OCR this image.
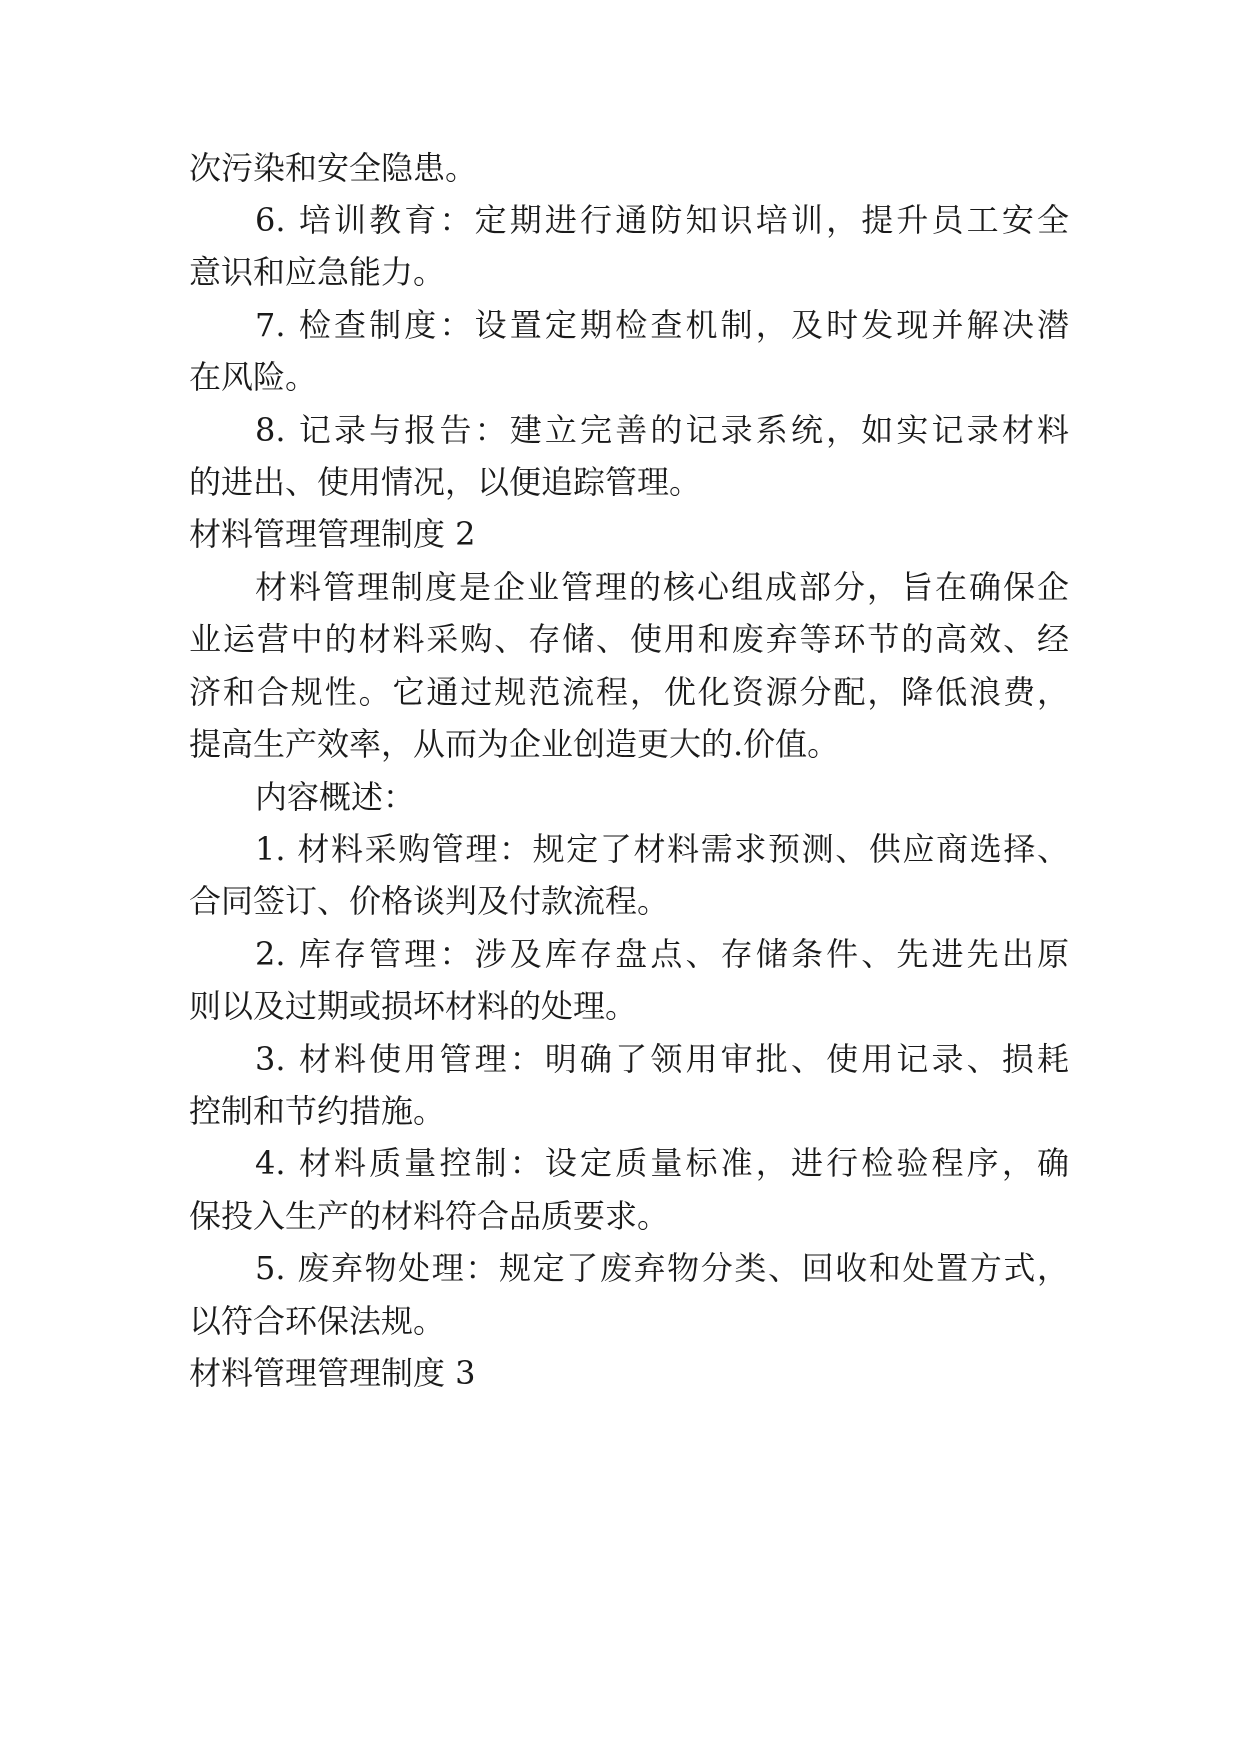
次污染和安全隐患。
6. 培训教育：定期进行通防知识培训，提升员工安全
意识和应急能力。
7. 检查制度：设置定期检查机制，及时发现并解决潜
在风险。
8. 记录与报告：建立完善的记录系统，如实记录材料
的进出、使用情况，以便追踪管理。
材料管理管理制度 2
材料管理制度是企业管理的核心组成部分，旨在确保企
业运营中的材料采购、存储、使用和废弃等环节的高效、经
济和合规性。它通过规范流程，优化资源分配，降低浪费，
提高生产效率，从而为企业创造更大的.价值。
内容概述：
1. 材料采购管理：规定了材料需求预测、供应商选择、
合同签订、价格谈判及付款流程。
2. 库存管理：涉及库存盘点、存储条件、先进先出原
则以及过期或损坏材料的处理。
3. 材料使用管理：明确了领用审批、使用记录、损耗
控制和节约措施。
4. 材料质量控制：设定质量标准，进行检验程序，确
保投入生产的材料符合品质要求。
5. 废弃物处理：规定了废弃物分类、回收和处置方式，
以符合环保法规。
材料管理管理制度 3
